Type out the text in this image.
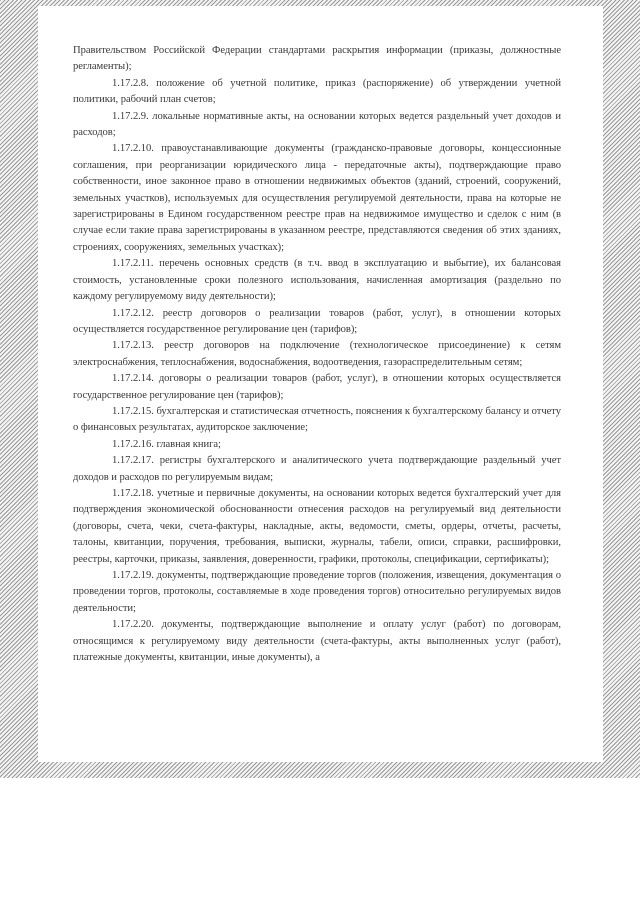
Правительством Российской Федерации стандартами раскрытия информации (приказы, должностные регламенты);

1.17.2.8. положение об учетной политике, приказ (распоряжение) об утверждении учетной политики, рабочий план счетов;

1.17.2.9. локальные нормативные акты, на основании которых ведется раздельный учет доходов и расходов;

1.17.2.10. правоустанавливающие документы (гражданско-правовые договоры, концессионные соглашения, при реорганизации юридического лица - передаточные акты), подтверждающие право собственности, иное законное право в отношении недвижимых объектов (зданий, строений, сооружений, земельных участков), используемых для осуществления регулируемой деятельности, права на которые не зарегистрированы в Едином государственном реестре прав на недвижимое имущество и сделок с ним (в случае если такие права зарегистрированы в указанном реестре, представляются сведения об этих зданиях, строениях, сооружениях, земельных участках);

1.17.2.11. перечень основных средств (в т.ч. ввод в эксплуатацию и выбытие), их балансовая стоимость, установленные сроки полезного использования, начисленная амортизация (раздельно по каждому регулируемому виду деятельности);

1.17.2.12. реестр договоров о реализации товаров (работ, услуг), в отношении которых осуществляется государственное регулирование цен (тарифов);

1.17.2.13. реестр договоров на подключение (технологическое присоединение) к сетям электроснабжения, теплоснабжения, водоснабжения, водоотведения, газораспределительным сетям;

1.17.2.14. договоры о реализации товаров (работ, услуг), в отношении которых осуществляется государственное регулирование цен (тарифов);

1.17.2.15. бухгалтерская и статистическая отчетность, пояснения к бухгалтерскому балансу и отчету о финансовых результатах, аудиторское заключение;

1.17.2.16. главная книга;

1.17.2.17. регистры бухгалтерского и аналитического учета подтверждающие раздельный учет доходов и расходов по регулируемым видам;

1.17.2.18. учетные и первичные документы, на основании которых ведется бухгалтерский учет для подтверждения экономической обоснованности отнесения расходов на регулируемый вид деятельности (договоры, счета, чеки, счета-фактуры, накладные, акты, ведомости, сметы, ордеры, отчеты, расчеты, талоны, квитанции, поручения, требования, выписки, журналы, табели, описи, справки, расшифровки, реестры, карточки, приказы, заявления, доверенности, графики, протоколы, спецификации, сертификаты);

1.17.2.19. документы, подтверждающие проведение торгов (положения, извещения, документация о проведении торгов, протоколы, составляемые в ходе проведения торгов) относительно регулируемых видов деятельности;

1.17.2.20. документы, подтверждающие выполнение и оплату услуг (работ) по договорам, относящимся к регулируемому виду деятельности (счета-фактуры, акты выполненных услуг (работ), платежные документы, квитанции, иные документы), а
